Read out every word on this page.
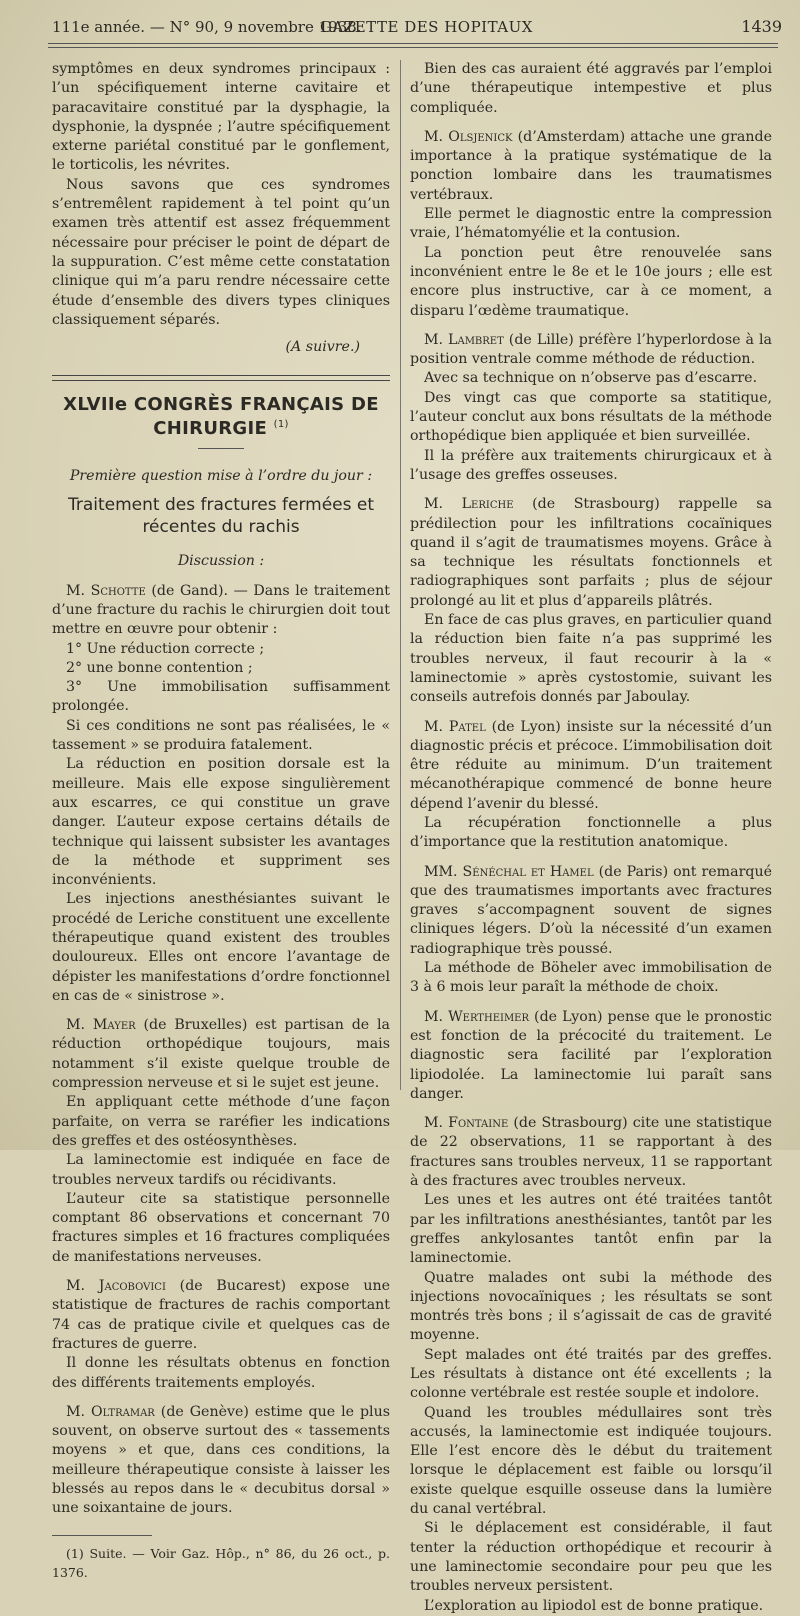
111e année. — N° 90, 9 novembre 1938.
GAZETTE DES HOPITAUX	1439

symptômes en deux syndromes principaux : l’un spécifiquement interne cavitaire et paracavitaire constitué par la dysphagie, la dysphonie, la dyspnée ; l’autre spécifiquement externe pariétal constitué par le gonflement, le torticolis, les névrites.

Nous savons que ces syndromes s’entremêlent rapidement à tel point qu’un examen très attentif est assez fréquemment nécessaire pour préciser le point de départ de la suppuration. C’est même cette constatation clinique qui m’a paru rendre nécessaire cette étude d’ensemble des divers types cliniques classiquement séparés.

(A suivre.)
XLVIIe CONGRÈS FRANÇAIS DE CHIRURGIE $^{(1)}$
Première question mise à l’ordre du jour :
Traitement des fractures fermées et récentes du rachis
Discussion :

M. Schotte (de Gand). — Dans le traitement d’une fracture du rachis le chirurgien doit tout mettre en œuvre pour obtenir :

1° Une réduction correcte ;

2° une bonne contention ;

3° Une immobilisation suffisamment prolongée.

Si ces conditions ne sont pas réalisées, le « tassement » se produira fatalement.

La réduction en position dorsale est la meilleure. Mais elle expose singulièrement aux escarres, ce qui constitue un grave danger. L’auteur expose certains détails de technique qui laissent subsister les avantages de la méthode et suppriment ses inconvénients.

Les injections anesthésiantes suivant le procédé de Leriche constituent une excellente thérapeutique quand existent des troubles douloureux. Elles ont encore l’avantage de dépister les manifestations d’ordre fonctionnel en cas de « sinistrose ».

M. Mayer (de Bruxelles) est partisan de la réduction orthopédique toujours, mais notamment s’il existe quelque trouble de compression nerveuse et si le sujet est jeune.

En appliquant cette méthode d’une façon parfaite, on verra se raréfier les indications des greffes et des ostéosynthèses.

La laminectomie est indiquée en face de troubles nerveux tardifs ou récidivants.

L’auteur cite sa statistique personnelle comptant 86 observations et concernant 70 fractures simples et 16 fractures compliquées de manifestations nerveuses.

M. Jacobovici (de Bucarest) expose une statistique de fractures de rachis comportant 74 cas de pratique civile et quelques cas de fractures de guerre.

Il donne les résultats obtenus en fonction des différents traitements employés.

M. Oltramar (de Genève) estime que le plus souvent, on observe surtout des « tassements moyens » et que, dans ces conditions, la meilleure thérapeutique consiste à laisser les blessés au repos dans le « decubitus dorsal » une soixantaine de jours.

(1) Suite. — Voir Gaz. Hôp., n° 86, du 26 oct., p. 1376.

Bien des cas auraient été aggravés par l’emploi d’une thérapeutique intempestive et plus compliquée.

M. Olsjenick (d’Amsterdam) attache une grande importance à la pratique systématique de la ponction lombaire dans les traumatismes vertébraux.

Elle permet le diagnostic entre la compression vraie, l’hématomyélie et la contusion.

La ponction peut être renouvelée sans inconvénient entre le 8e et le 10e jours ; elle est encore plus instructive, car à ce moment, a disparu l’œdème traumatique.

M. Lambret (de Lille) préfère l’hyperlordose à la position ventrale comme méthode de réduction.

Avec sa technique on n’observe pas d’escarre.

Des vingt cas que comporte sa statitique, l’auteur conclut aux bons résultats de la méthode orthopédique bien appliquée et bien surveillée.

Il la préfère aux traitements chirurgicaux et à l’usage des greffes osseuses.

M. Leriche (de Strasbourg) rappelle sa prédilection pour les infiltrations cocaïniques quand il s’agit de traumatismes moyens. Grâce à sa technique les résultats fonctionnels et radiographiques sont parfaits ; plus de séjour prolongé au lit et plus d’appareils plâtrés.

En face de cas plus graves, en particulier quand la réduction bien faite n’a pas supprimé les troubles nerveux, il faut recourir à la « laminectomie » après cystostomie, suivant les conseils autrefois donnés par Jaboulay.

M. Patel (de Lyon) insiste sur la nécessité d’un diagnostic précis et précoce. L’immobilisation doit être réduite au minimum. D’un traitement mécanothérapique commencé de bonne heure dépend l’avenir du blessé.

La récupération fonctionnelle a plus d’importance que la restitution anatomique.

MM. Sénéchal et Hamel (de Paris) ont remarqué que des traumatismes importants avec fractures graves s’accompagnent souvent de signes cliniques légers. D’où la nécessité d’un examen radiographique très poussé.

La méthode de Böheler avec immobilisation de 3 à 6 mois leur paraît la méthode de choix.

M. Wertheimer (de Lyon) pense que le pronostic est fonction de la précocité du traitement. Le diagnostic sera facilité par l’exploration lipiodolée. La laminectomie lui paraît sans danger.

M. Fontaine (de Strasbourg) cite une statistique de 22 observations, 11 se rapportant à des fractures sans troubles nerveux, 11 se rapportant à des fractures avec troubles nerveux.

Les unes et les autres ont été traitées tantôt par les infiltrations anesthésiantes, tantôt par les greffes ankylosantes tantôt enfin par la laminectomie.

Quatre malades ont subi la méthode des injections novocaïniques ; les résultats se sont montrés très bons ; il s’agissait de cas de gravité moyenne.

Sept malades ont été traités par des greffes. Les résultats à distance ont été excellents ; la colonne vertébrale est restée souple et indolore.

Quand les troubles médullaires sont très accusés, la laminectomie est indiquée toujours. Elle l’est encore dès le début du traitement lorsque le déplacement est faible ou lorsqu’il existe quelque esquille osseuse dans la lumière du canal vertébral.

Si le déplacement est considérable, il faut tenter la réduction orthopédique et recourir à une laminectomie secondaire pour peu que les troubles nerveux persistent.

L’exploration au lipiodol est de bonne pratique.
